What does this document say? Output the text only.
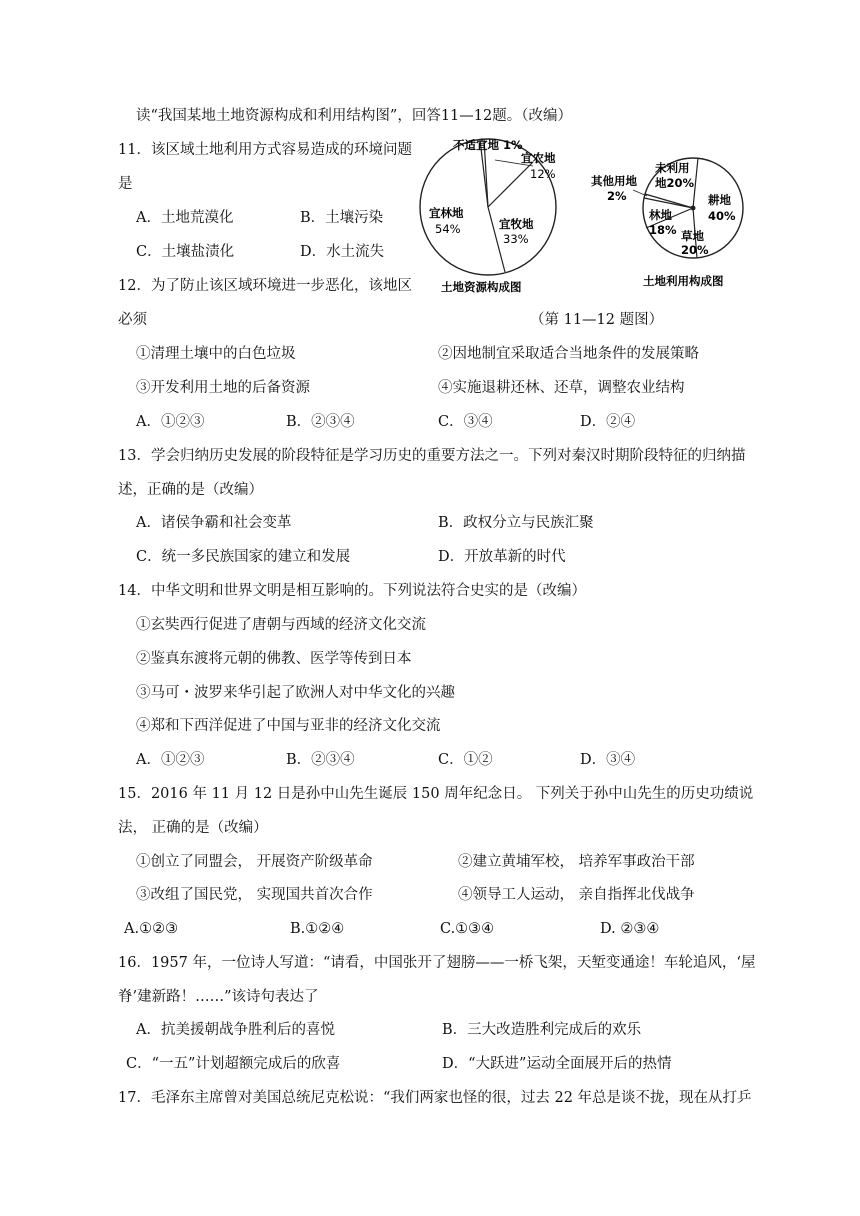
读“我国某地土地资源构成和利用结构图”，回答11—12题。（改编）
11．该区域土地利用方式容易造成的环境问题
是
A．土地荒漠化	B．土壤污染
C．土壤盐渍化	D．水土流失
不适宜地 1%
宜农地
12%
宜牧地
33%
宜林地
54%
土地资源构成图
未利用
地20%
耕地
40%
其他用地
2%
林地
18% 草地
20%
土地利用构成图
12．为了防止该区域环境进一步恶化，该地区
必须	（第 11—12 题图）
①清理土壤中的白色垃圾	②因地制宜采取适合当地条件的发展策略
③开发利用土地的后备资源	④实施退耕还林、还草，调整农业结构
A．①②③	B．②③④	C．③④	D．②④
13．学会归纳历史发展的阶段特征是学习历史的重要方法之一。下列对秦汉时期阶段特征的归纳描
述，正确的是（改编）
A．诸侯争霸和社会变革	B．政权分立与民族汇聚
C．统一多民族国家的建立和发展	D．开放革新的时代
14．中华文明和世界文明是相互影响的。下列说法符合史实的是（改编）
①玄奘西行促进了唐朝与西域的经济文化交流
②鉴真东渡将元朝的佛教、医学等传到日本
③马可・波罗来华引起了欧洲人对中华文化的兴趣
④郑和下西洋促进了中国与亚非的经济文化交流
A．①②③	B．②③④	C．①②	D．③④
15．2016 年 11 月 12 日是孙中山先生诞辰 150 周年纪念日。 下列关于孙中山先生的历史功绩说
法， 正确的是（改编）
①创立了同盟会， 开展资产阶级革命	②建立黄埔军校， 培养军事政治干部
③改组了国民党， 实现国共首次合作	④领导工人运动， 亲自指挥北伐战争
A.①②③	B.①②④	C.①③④	D. ②③④
16．1957 年，一位诗人写道：“请看，中国张开了翅膀——一桥飞架，天堑变通途！车轮追风，‘屋
脊’建新路！……”该诗句表达了
A．抗美援朝战争胜利后的喜悦	B．三大改造胜利完成后的欢乐
C．“一五”计划超额完成后的欣喜	D．“大跃进”运动全面展开后的热情
17．毛泽东主席曾对美国总统尼克松说：“我们两家也怪的很，过去 22 年总是谈不拢，现在从打乒
